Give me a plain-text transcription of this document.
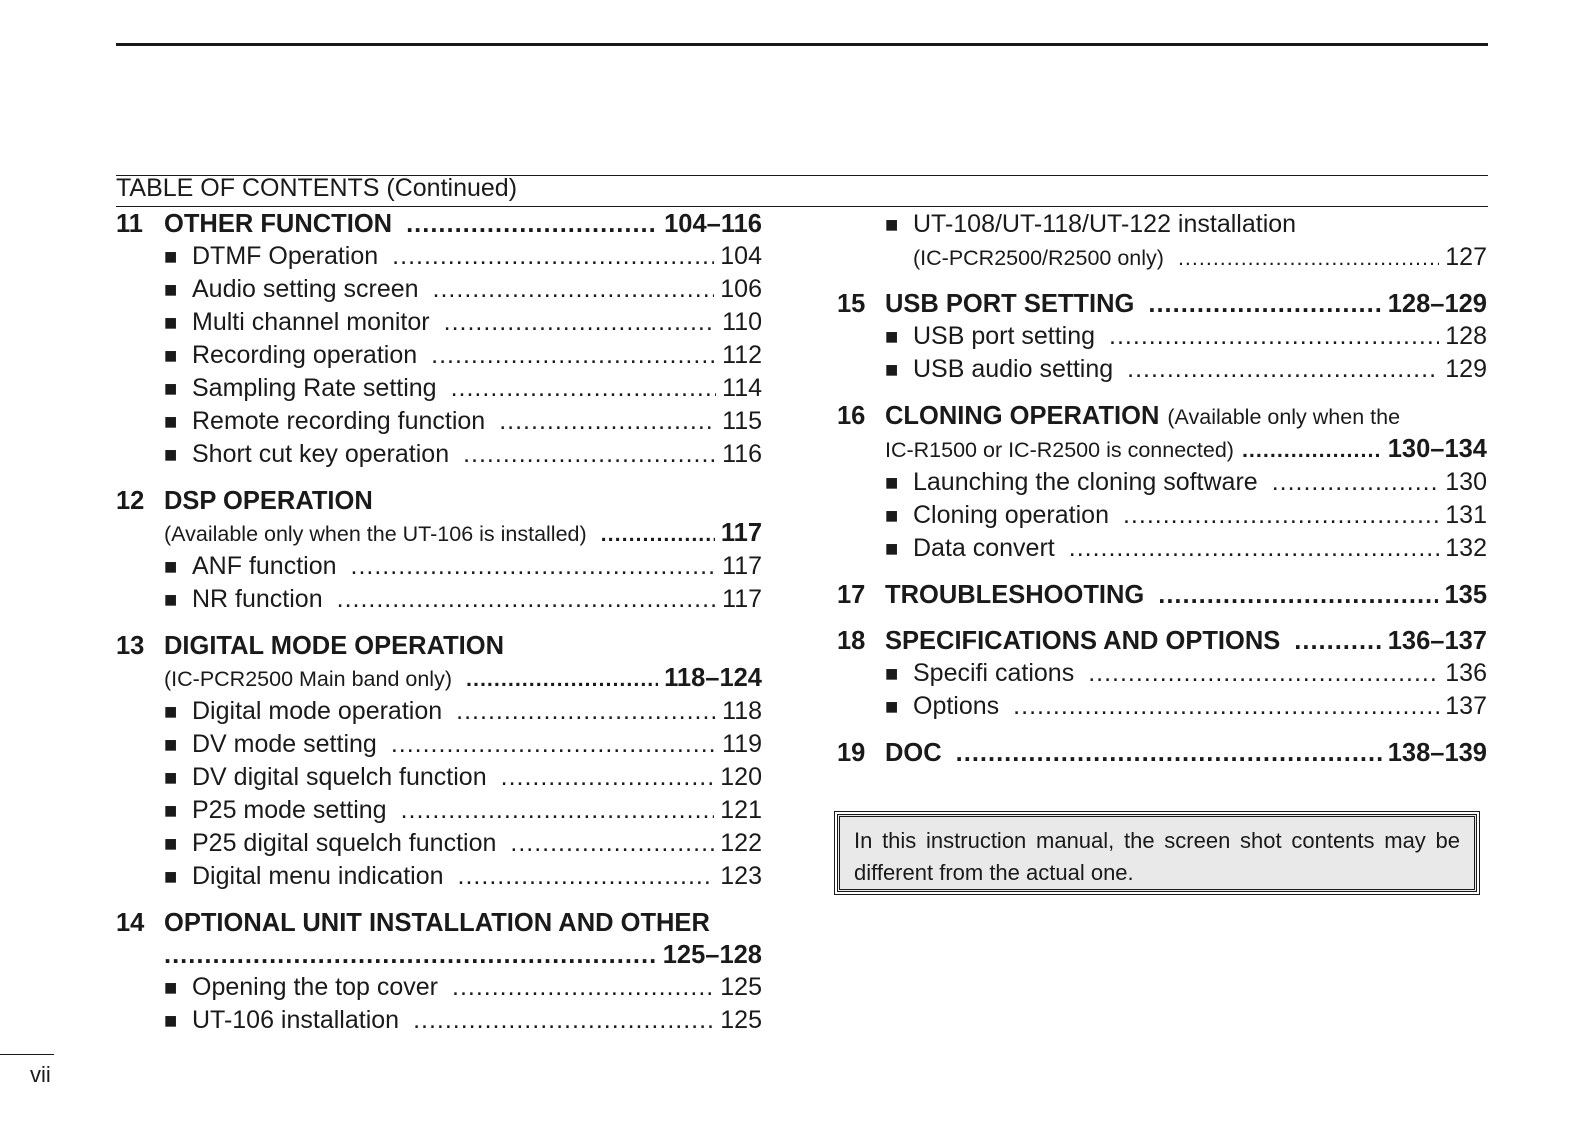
TABLE OF CONTENTS (Continued)
11 OTHER FUNCTION .....	104–116
■ DTMF Operation .....	104
■ Audio setting screen .....	106
■ Multi channel monitor .....	110
■ Recording operation .....	112
■ Sampling Rate setting .....	114
■ Remote recording function .....	115
■ Short cut key operation .....	116
12 DSP OPERATION
(Available only when the UT-106 is installed) .....	117
■ ANF function .....	117
■ NR function .....	117
13 DIGITAL MODE OPERATION
(IC-PCR2500 Main band only) .....	118–124
■ Digital mode operation .....	118
■ DV mode setting .....	119
■ DV digital squelch function .....	120
■ P25 mode setting .....	121
■ P25 digital squelch function .....	122
■ Digital menu indication .....	123
14 OPTIONAL UNIT INSTALLATION AND OTHER
.....
125–128
■ Opening the top cover .....	125
■ UT-106 installation .....	125
■ UT-108/UT-118/UT-122 installation
(IC-PCR2500/R2500 only) .....	127
15 USB PORT SETTING .....	128–129
■ USB port setting .....	128
■ USB audio setting .....	129
16 CLONING OPERATION (Available only when the
IC-R1500 or IC-R2500 is connected) .....	130–134
■ Launching the cloning software .....	130
■ Cloning operation .....	131
■ Data convert .....	132
17 TROUBLESHOOTING .....	135
18 SPECIFICATIONS AND OPTIONS .....	136–137
■ Speciﬁ cations .....	136
■ Options .....	137
19 DOC .....	138–139
In this instruction manual, the screen shot contents may be different from the actual one.
vii
